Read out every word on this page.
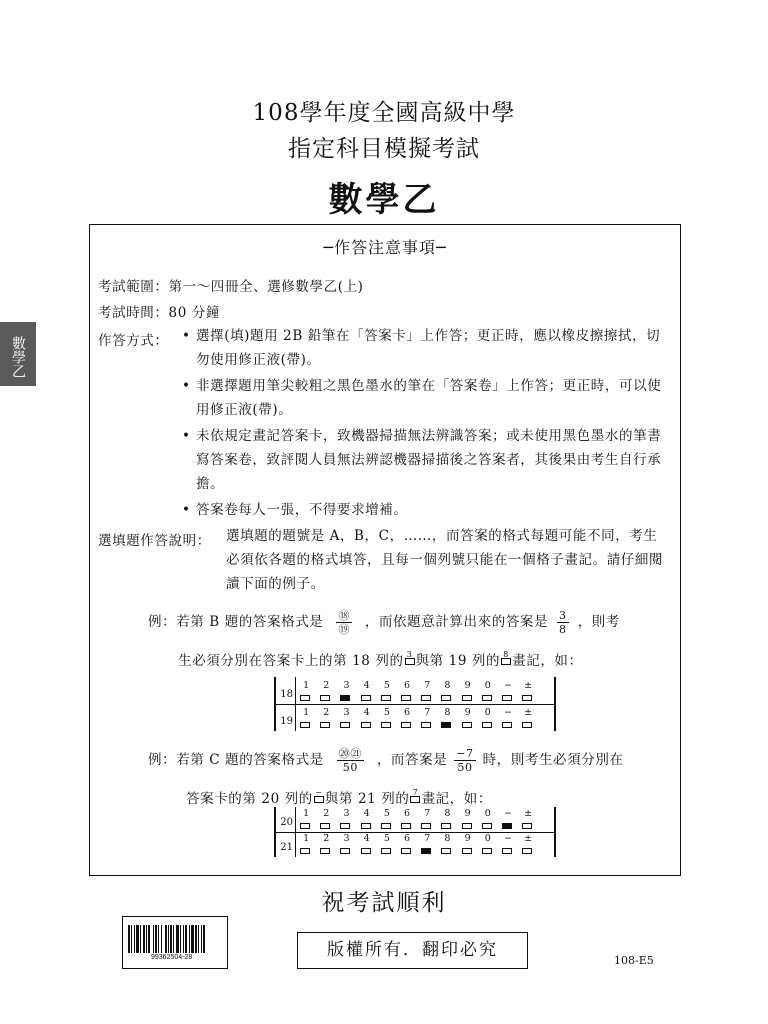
108學年度全國高級中學
指定科目模擬考試
數學乙
數學乙
─作答注意事項─
考試範圍：第一～四冊全、選修數學乙(上)
考試時間：80 分鐘
作答方式： • 選擇(填)題用 2B 鉛筆在「答案卡」上作答；更正時，應以橡皮擦擦拭，切勿使用修正液(帶)。
• 非選擇題用筆尖較粗之黑色墨水的筆在「答案卷」上作答；更正時，可以使用修正液(帶)。
• 未依規定畫記答案卡，致機器掃描無法辨識答案；或未使用黑色墨水的筆書寫答案卷，致評閱人員無法辨認機器掃描後之答案者，其後果由考生自行承擔。
• 答案卷每人一張，不得要求增補。
選填題作答說明： 選填題的題號是 A，B，C，……，而答案的格式每題可能不同，考生必須依各題的格式填答，且每一個列號只能在一個格子畫記。請仔細閱讀下面的例子。
例：若第 B 題的答案格式是 $\frac{\text{⑱}}{\text{⑲}}$ ，而依題意計算出來的答案是 $\frac{3}{8}$ ，則考
生必須分別在答案卡上的第 18 列的 3 與第 19 列的 8 畫記，如：
18
1	2	3	4	5	6	7	8	9	0	−	±
19
1	2	3	4	5	6	7	8	9	0	−	±
例：若第 C 題的答案格式是 $\frac{\text{⑳㉑}}{50}$ ，而答案是 $\frac{-7}{50}$ 時，則考生必須分別在
答案卡的第 20 列的 − 與第 21 列的 7 畫記，如：
20
1	2	3	4	5	6	7	8	9	0	−	±
21
1	2	3	4	5	6	7	8	9	0	−	±
祝考試順利
99362504-28	版權所有．翻印必究
108-E5
